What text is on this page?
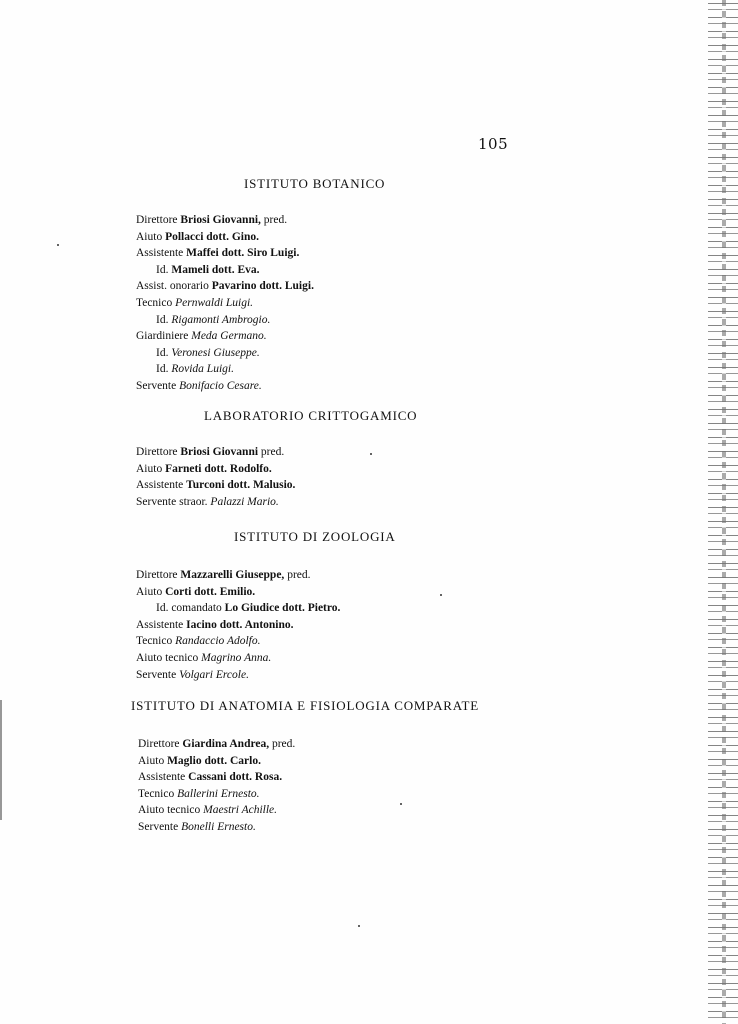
105
ISTITUTO BOTANICO
Direttore Briosi Giovanni, pred.
Aiuto Pollacci dott. Gino.
Assistente Maffei dott. Siro Luigi.
Id. Mameli dott. Eva.
Assist. onorario Pavarino dott. Luigi.
Tecnico Pernwaldi Luigi.
Id. Rigamonti Ambrogio.
Giardiniere Meda Germano.
Id. Veronesi Giuseppe.
Id. Rovida Luigi.
Servente Bonifacio Cesare.
LABORATORIO CRITTOGAMICO
Direttore Briosi Giovanni pred.
Aiuto Farneti dott. Rodolfo.
Assistente Turconi dott. Malusio.
Servente straor. Palazzi Mario.
ISTITUTO DI ZOOLOGIA
Direttore Mazzarelli Giuseppe, pred.
Aiuto Corti dott. Emilio.
Id. comandato Lo Giudice dott. Pietro.
Assistente Iacino dott. Antonino.
Tecnico Randaccio Adolfo.
Aiuto tecnico Magrino Anna.
Servente Volgari Ercole.
ISTITUTO DI ANATOMIA E FISIOLOGIA COMPARATE
Direttore Giardina Andrea, pred.
Aiuto Maglio dott. Carlo.
Assistente Cassani dott. Rosa.
Tecnico Ballerini Ernesto.
Aiuto tecnico Maestri Achille.
Servente Bonelli Ernesto.
